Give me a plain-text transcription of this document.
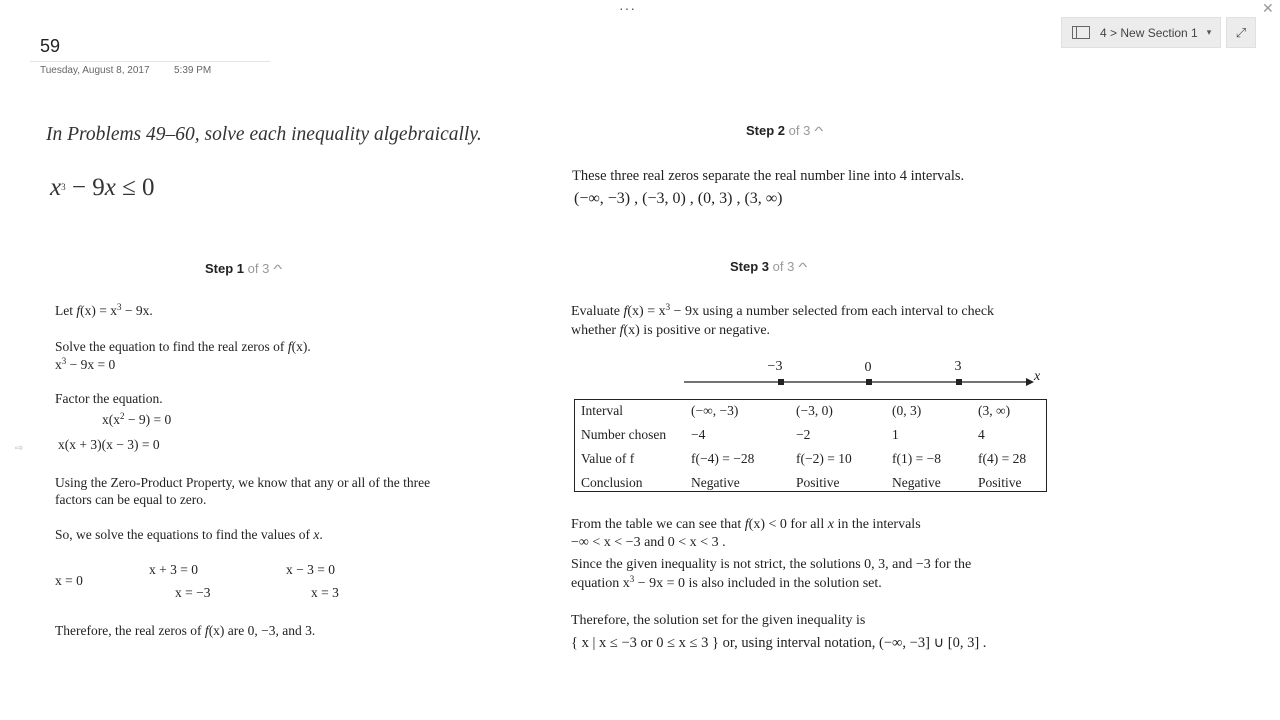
···	✕
4 > New Section 1 ▾	⤢
⇨
59
Tuesday, August 8, 2017 5:39 PM
In Problems 49–60, solve each inequality algebraically.
$x^3 - 9x \le 0$
Step 1 of 3 ^
Let $f(x) = x^3 - 9x$.
Solve the equation to find the real zeros of f(x).
$x^3 - 9x = 0$
Factor the equation.
$x(x^2 - 9) = 0$
x(x + 3)(x − 3) = 0
Using the Zero-Product Property, we know that any or all of the three
factors can be equal to zero.
So, we solve the equations to find the values of x.
x = 0
x + 3 = 0
x = −3
x − 3 = 0
x = 3
Therefore, the real zeros of f(x) are 0, −3, and 3.
Step 2 of 3 ^
These three real zeros separate the real number line into 4 intervals.
(−∞, −3) , (−3, 0) , (0, 3) , (3, ∞)
Step 3 of 3 ^
Evaluate $f(x) = x^3 - 9x$ using a number selected from each interval to check
whether f(x) is positive or negative.
−3	0	3
x
Interval	(−∞, −3)	(−3, 0)	(0, 3)	(3, ∞)
Number chosen −4	−2	1	4
Value of f	f(−4) = −28	f(−2) = 10	f(1) = −8	f(4) = 28
Conclusion	Negative	Positive	Negative	Positive
From the table we can see that f(x) < 0 for all x in the intervals
−∞ < x < −3 and 0 < x < 3 .
Since the given inequality is not strict, the solutions 0, 3, and −3 for the
equation $x^3 - 9x = 0$ is also included in the solution set.
Therefore, the solution set for the given inequality is
{ x | x ≤ −3 or 0 ≤ x ≤ 3 } or, using interval notation, (−∞, −3] ∪ [0, 3] .
